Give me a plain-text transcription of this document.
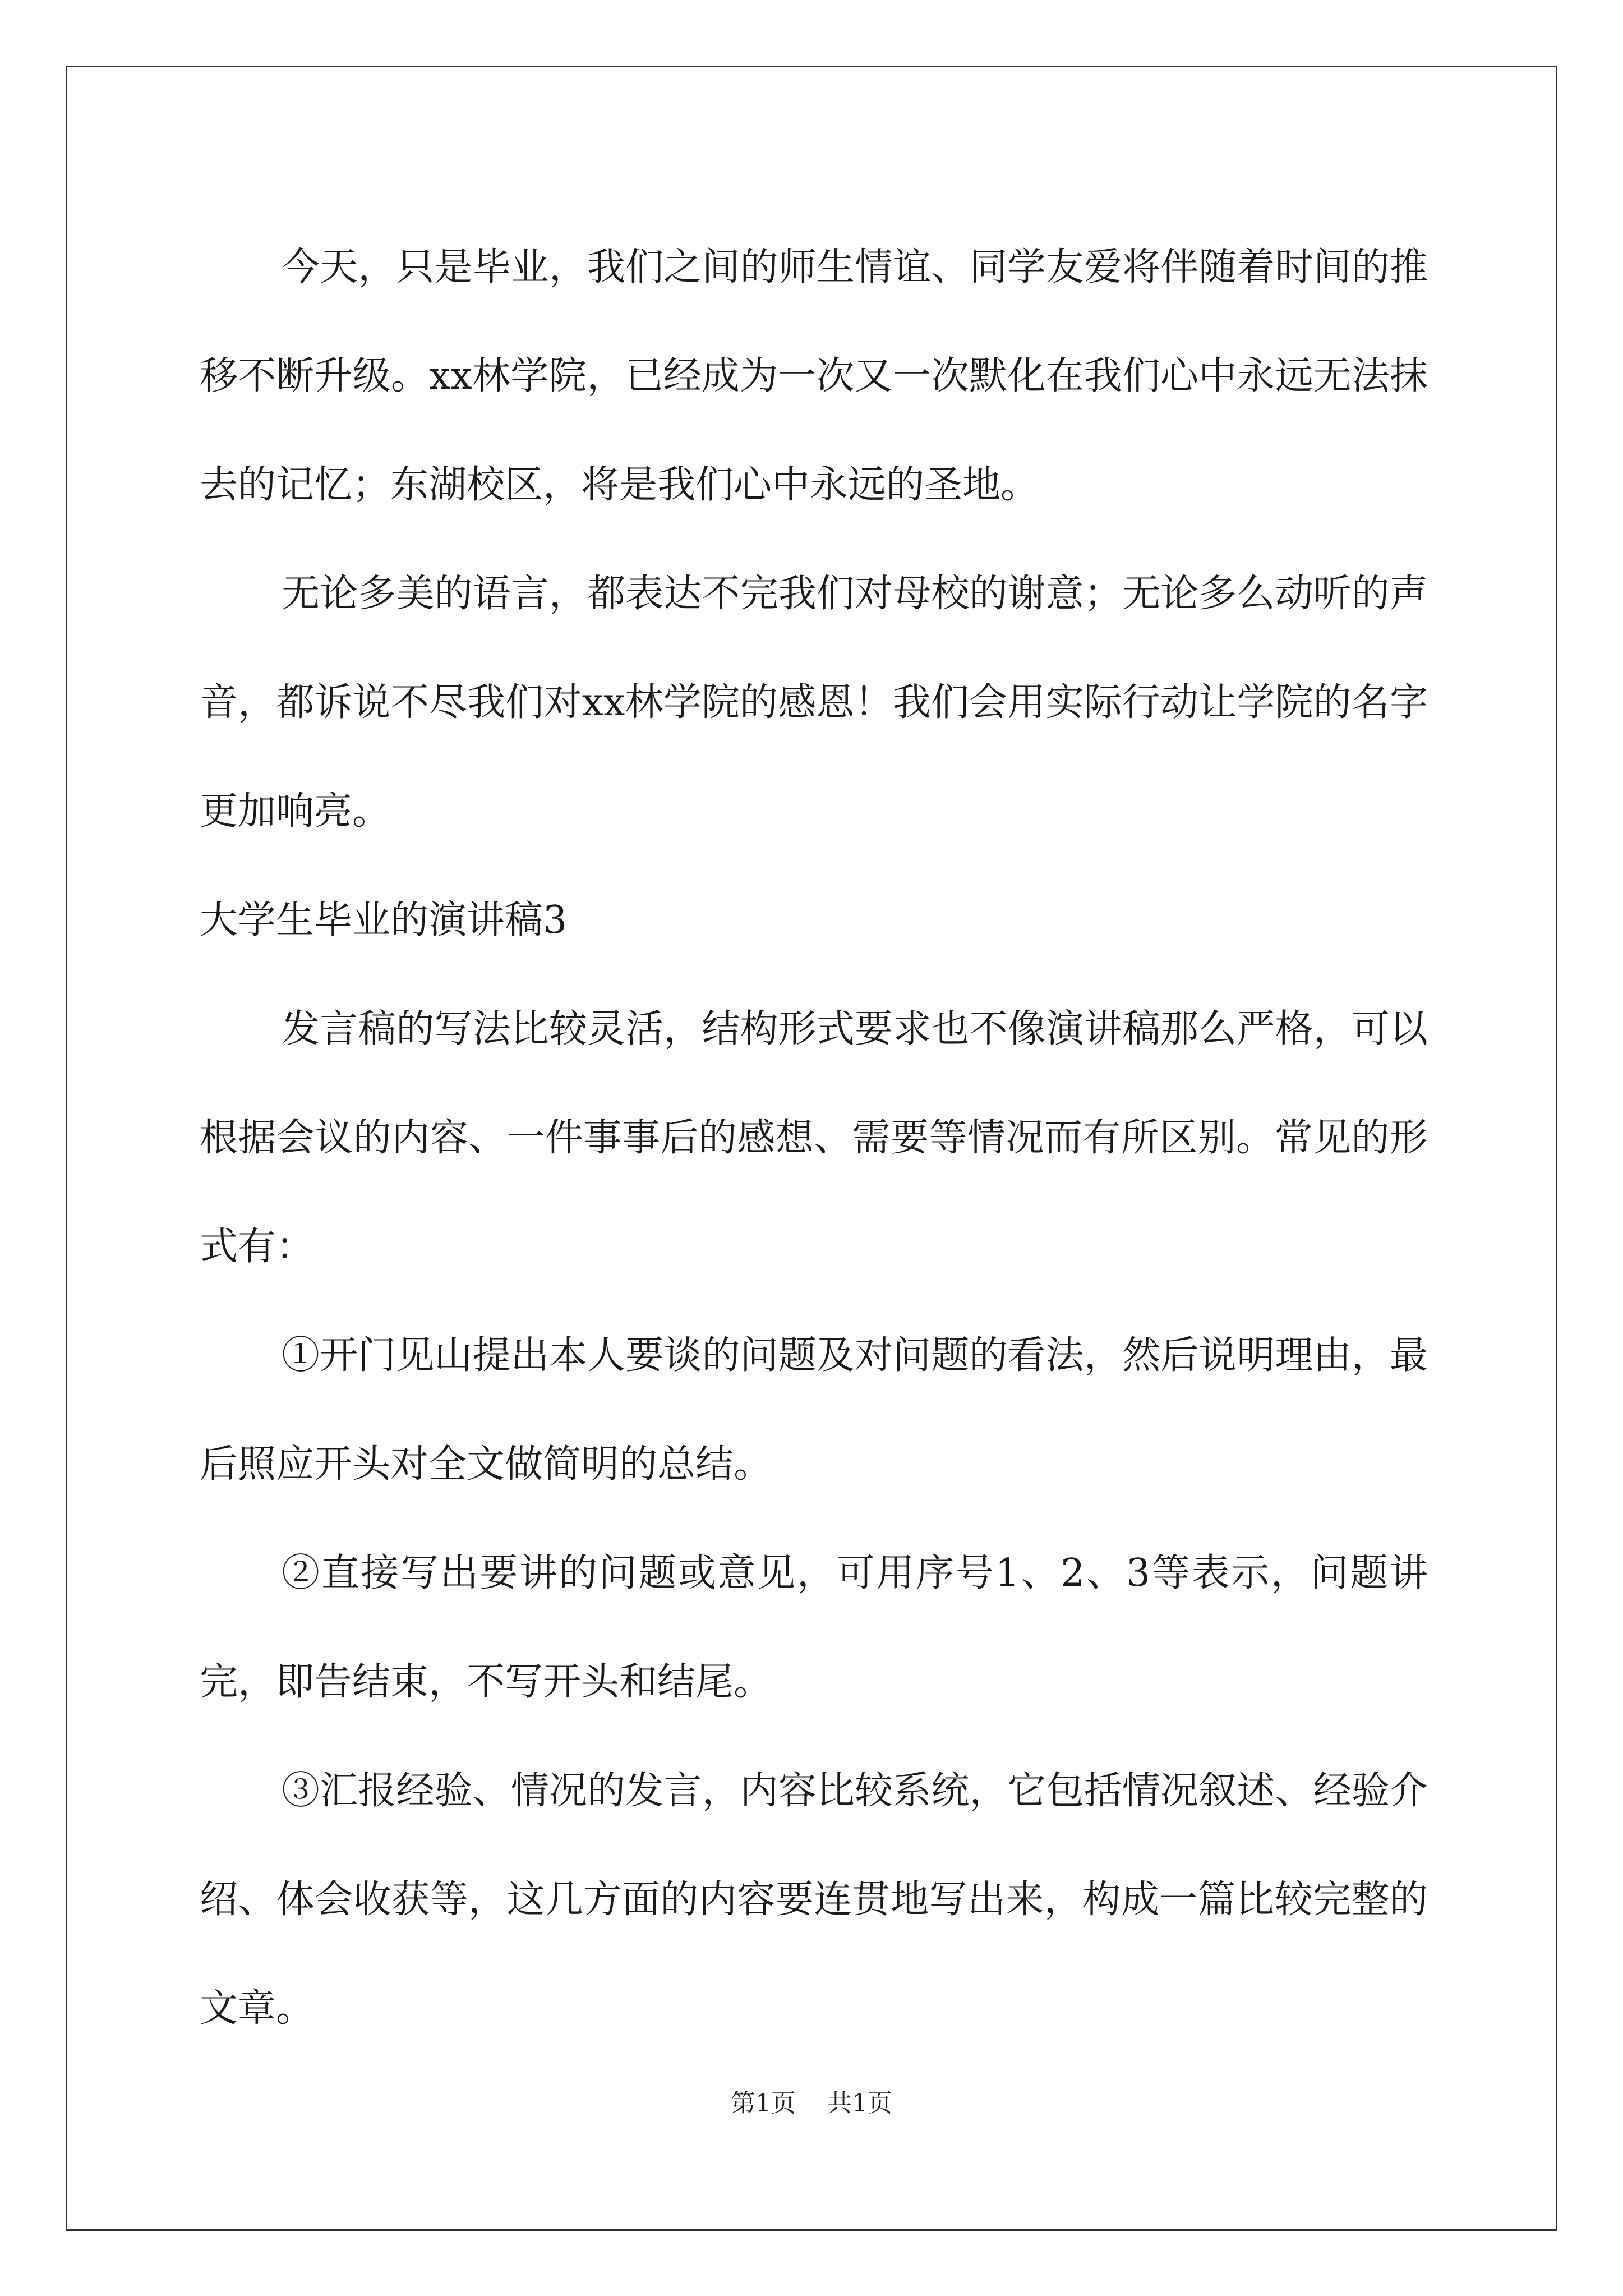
今天，只是毕业，我们之间的师生情谊、同学友爱将伴随着时间的推移不断升级。xx林学院，已经成为一次又一次默化在我们心中永远无法抹去的记忆；东湖校区，将是我们心中永远的圣地。

无论多美的语言，都表达不完我们对母校的谢意；无论多么动听的声音，都诉说不尽我们对xx林学院的感恩！我们会用实际行动让学院的名字更加响亮。

大学生毕业的演讲稿3

发言稿的写法比较灵活，结构形式要求也不像演讲稿那么严格，可以根据会议的内容、一件事事后的感想、需要等情况而有所区别。常见的形式有：

①开门见山提出本人要谈的问题及对问题的看法，然后说明理由，最后照应开头对全文做简明的总结。

②直接写出要讲的问题或意见，可用序号1、2、3等表示，问题讲完，即告结束，不写开头和结尾。

③汇报经验、情况的发言，内容比较系统，它包括情况叙述、经验介绍、体会收获等，这几方面的内容要连贯地写出来，构成一篇比较完整的文章。

第1页 共1页
